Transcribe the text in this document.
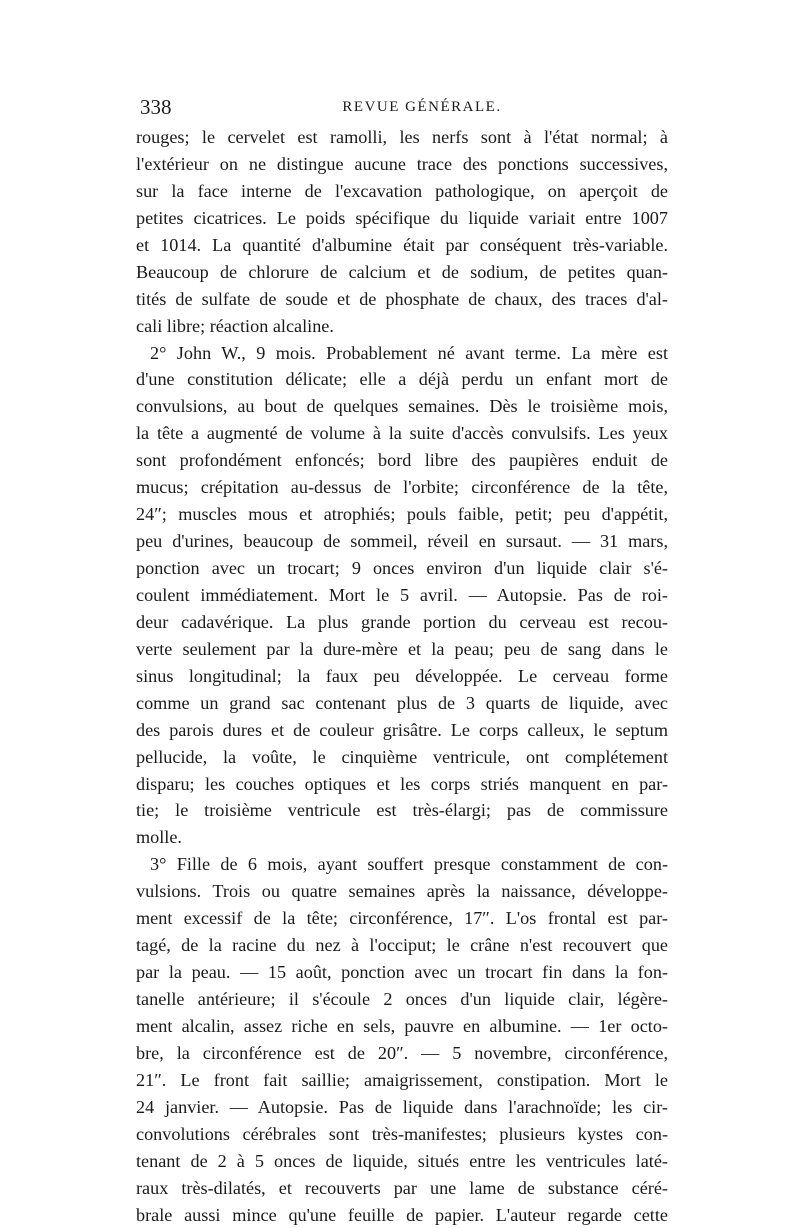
338	REVUE GÉNÉRALE.
rouges; le cervelet est ramolli, les nerfs sont à l'état normal; à
l'extérieur on ne distingue aucune trace des ponctions successives,
sur la face interne de l'excavation pathologique, on aperçoit de
petites cicatrices. Le poids spécifique du liquide variait entre 1007
et 1014. La quantité d'albumine était par conséquent très-variable.
Beaucoup de chlorure de calcium et de sodium, de petites quan-
tités de sulfate de soude et de phosphate de chaux, des traces d'al-
cali libre; réaction alcaline.
2° John W., 9 mois. Probablement né avant terme. La mère est
d'une constitution délicate; elle a déjà perdu un enfant mort de
convulsions, au bout de quelques semaines. Dès le troisième mois,
la tête a augmenté de volume à la suite d'accès convulsifs. Les yeux
sont profondément enfoncés; bord libre des paupières enduit de
mucus; crépitation au-dessus de l'orbite; circonférence de la tête,
24″; muscles mous et atrophiés; pouls faible, petit; peu d'appétit,
peu d'urines, beaucoup de sommeil, réveil en sursaut. — 31 mars,
ponction avec un trocart; 9 onces environ d'un liquide clair s'é-
coulent immédiatement. Mort le 5 avril. — Autopsie. Pas de roi-
deur cadavérique. La plus grande portion du cerveau est recou-
verte seulement par la dure-mère et la peau; peu de sang dans le
sinus longitudinal; la faux peu développée. Le cerveau forme
comme un grand sac contenant plus de 3 quarts de liquide, avec
des parois dures et de couleur grisâtre. Le corps calleux, le septum
pellucide, la voûte, le cinquième ventricule, ont complétement
disparu; les couches optiques et les corps striés manquent en par-
tie; le troisième ventricule est très-élargi; pas de commissure
molle.
3° Fille de 6 mois, ayant souffert presque constamment de con-
vulsions. Trois ou quatre semaines après la naissance, développe-
ment excessif de la tête; circonférence, 17″. L'os frontal est par-
tagé, de la racine du nez à l'occiput; le crâne n'est recouvert que
par la peau. — 15 août, ponction avec un trocart fin dans la fon-
tanelle antérieure; il s'écoule 2 onces d'un liquide clair, légère-
ment alcalin, assez riche en sels, pauvre en albumine. — 1er octo-
bre, la circonférence est de 20″. — 5 novembre, circonférence,
21″. Le front fait saillie; amaigrissement, constipation. Mort le
24 janvier. — Autopsie. Pas de liquide dans l'arachnoïde; les cir-
convolutions cérébrales sont très-manifestes; plusieurs kystes con-
tenant de 2 à 5 onces de liquide, situés entre les ventricules laté-
raux très-dilatés, et recouverts par une lame de substance céré-
brale aussi mince qu'une feuille de papier. L'auteur regarde cette
